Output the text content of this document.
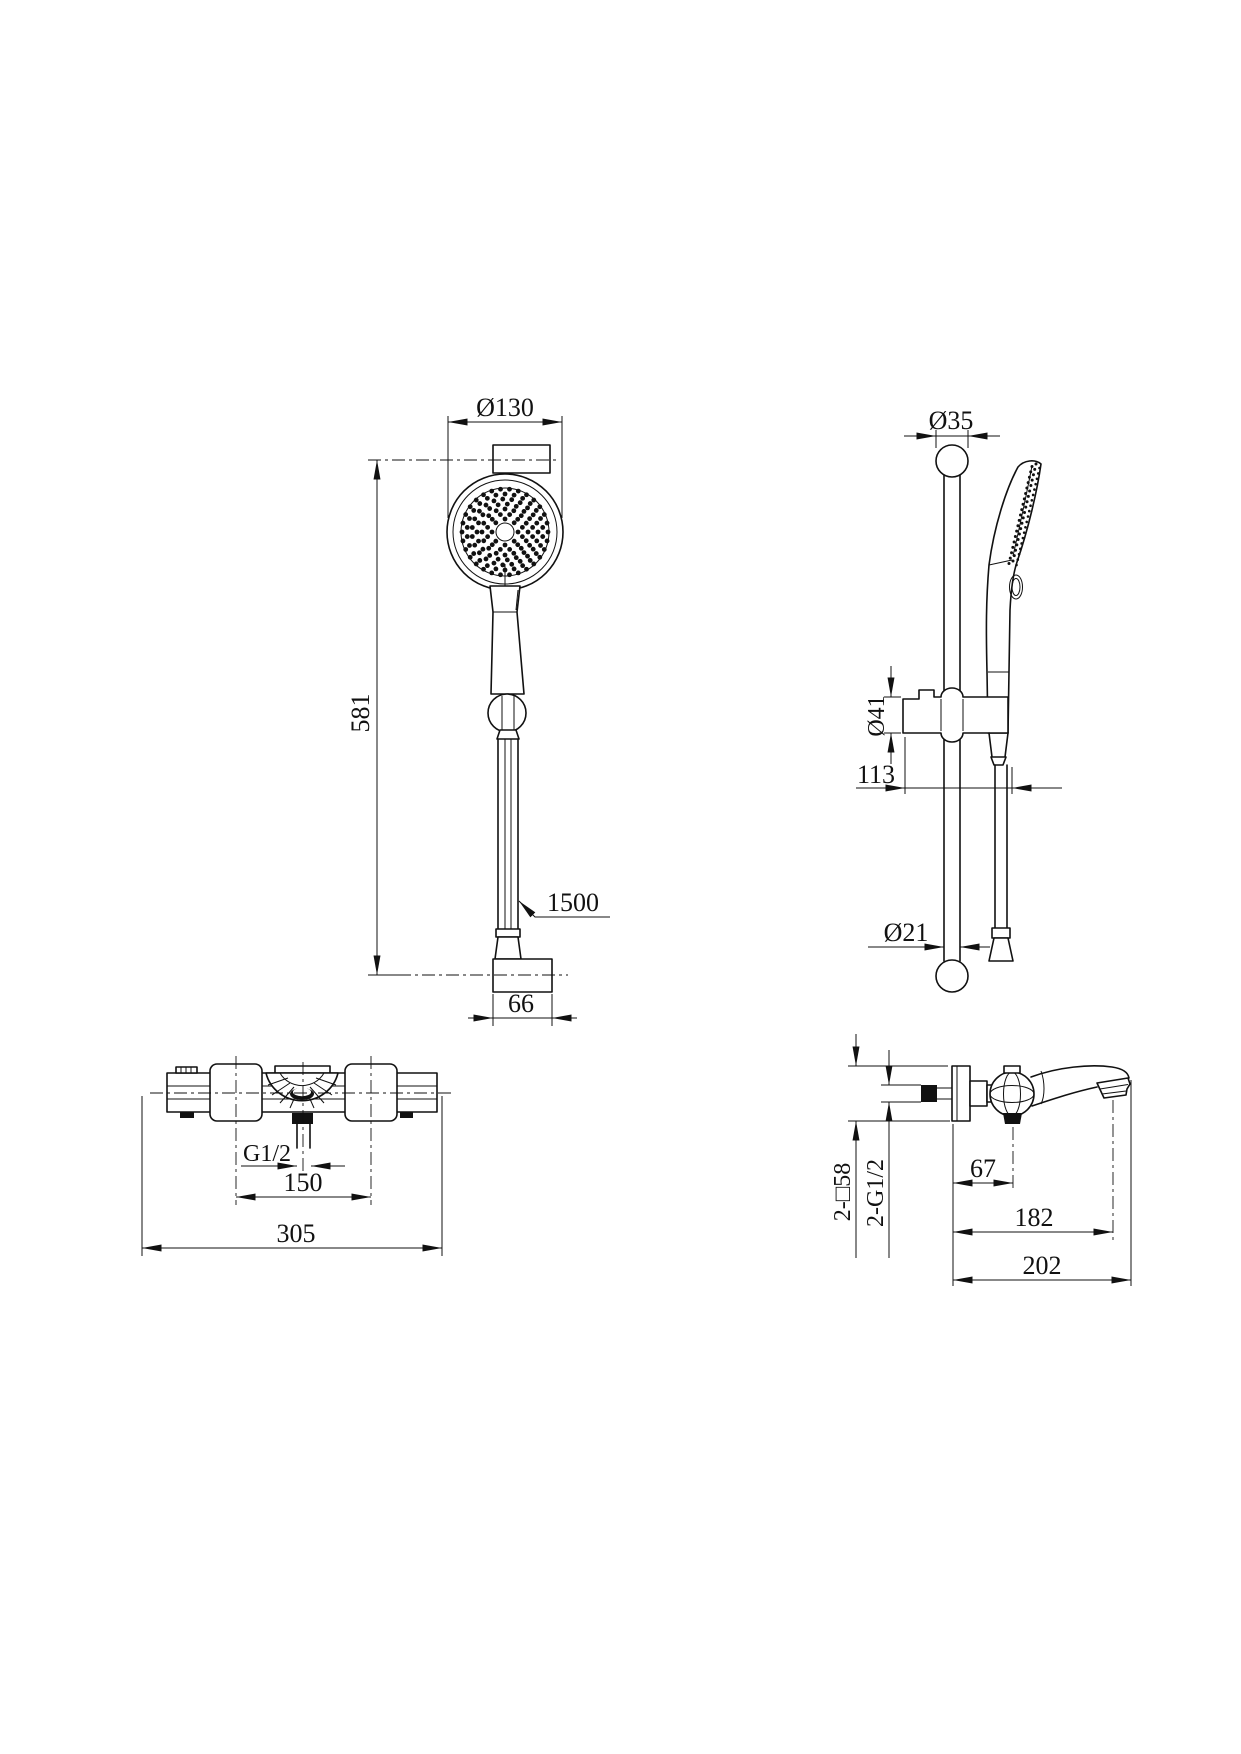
Ø130
581
1500
66
Ø35
Ø41
113
Ø21
G1/2
150
305
2-□58 2-G1/2	67
182
202
